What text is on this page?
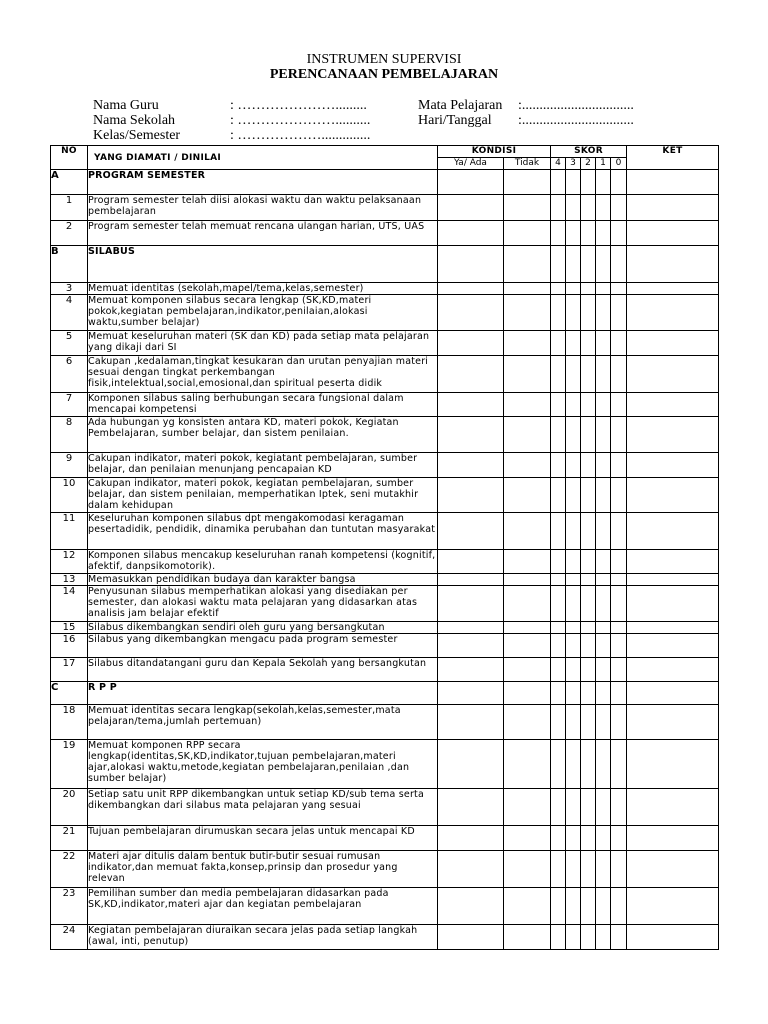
INSTRUMEN SUPERVISI
PERENCANAAN PEMBELAJARAN
Nama Guru	: ………………….........
Nama Sekolah	: …………………..........
Kelas/Semester	: ………………..............
Mata Pelajaran :................................
Hari/Tanggal :................................
NO	YANG DIAMATI / DINILAI	KONDISI		SKOR					KET
		Ya/ Ada	Tidak	4	3	2	1	0	
A	PROGRAM SEMESTER								
1	Program semester telah diisi alokasi waktu dan waktu pelaksanaan pembelajaran								
2	Program semester telah memuat rencana ulangan harian, UTS, UAS								
B	SILABUS								
3	Memuat identitas (sekolah,mapel/tema,kelas,semester)								
4	Memuat komponen silabus secara lengkap (SK,KD,materi pokok,kegiatan pembelajaran,indikator,penilaian,alokasi waktu,sumber belajar)								
5	Memuat keseluruhan materi (SK dan KD) pada setiap mata pelajaran yang dikaji dari SI								
6	Cakupan ,kedalaman,tingkat kesukaran dan urutan penyajian materi sesuai dengan tingkat perkembangan fisik,intelektual,social,emosional,dan spiritual peserta didik								
7	Komponen silabus saling berhubungan secara fungsional dalam mencapai kompetensi								
8	Ada hubungan yg konsisten antara KD, materi pokok, Kegiatan Pembelajaran, sumber belajar, dan sistem penilaian.								
9	Cakupan indikator, materi pokok, kegiatant pembelajaran, sumber belajar, dan penilaian menunjang pencapaian KD								
10	Cakupan indikator, materi pokok, kegiatan pembelajaran, sumber belajar, dan sistem penilaian, memperhatikan Iptek, seni mutakhir dalam kehidupan								
11	Keseluruhan komponen silabus dpt mengakomodasi keragaman pesertadidik, pendidik, dinamika perubahan dan tuntutan masyarakat								
12	Komponen silabus mencakup keseluruhan ranah kompetensi (kognitif, afektif, danpsikomotorik).								
13	Memasukkan pendidikan budaya dan karakter bangsa								
14	Penyusunan silabus memperhatikan alokasi yang disediakan per semester, dan alokasi waktu mata pelajaran yang didasarkan atas analisis jam belajar efektif								
15	Silabus dikembangkan sendiri oleh guru yang bersangkutan								
16	Silabus yang dikembangkan mengacu pada program semester								
17	Silabus ditandatangani guru dan Kepala Sekolah yang bersangkutan								
C	R P P								
18	Memuat identitas secara lengkap(sekolah,kelas,semester,mata pelajaran/tema,jumlah pertemuan)								
19	Memuat komponen RPP secara lengkap(identitas,SK,KD,indikator,tujuan pembelajaran,materi ajar,alokasi waktu,metode,kegiatan pembelajaran,penilaian ,dan sumber belajar)								
20	Setiap satu unit RPP dikembangkan untuk setiap KD/sub tema serta dikembangkan dari silabus mata pelajaran yang sesuai								
21	Tujuan pembelajaran dirumuskan secara jelas untuk mencapai KD								
22	Materi ajar ditulis dalam bentuk butir-butir sesuai rumusan indikator,dan memuat fakta,konsep,prinsip dan prosedur yang relevan								
23	Pemilihan sumber dan media pembelajaran didasarkan pada SK,KD,indikator,materi ajar dan kegiatan pembelajaran								
24	Kegiatan pembelajaran diuraikan secara jelas pada setiap langkah (awal, inti, penutup)								
